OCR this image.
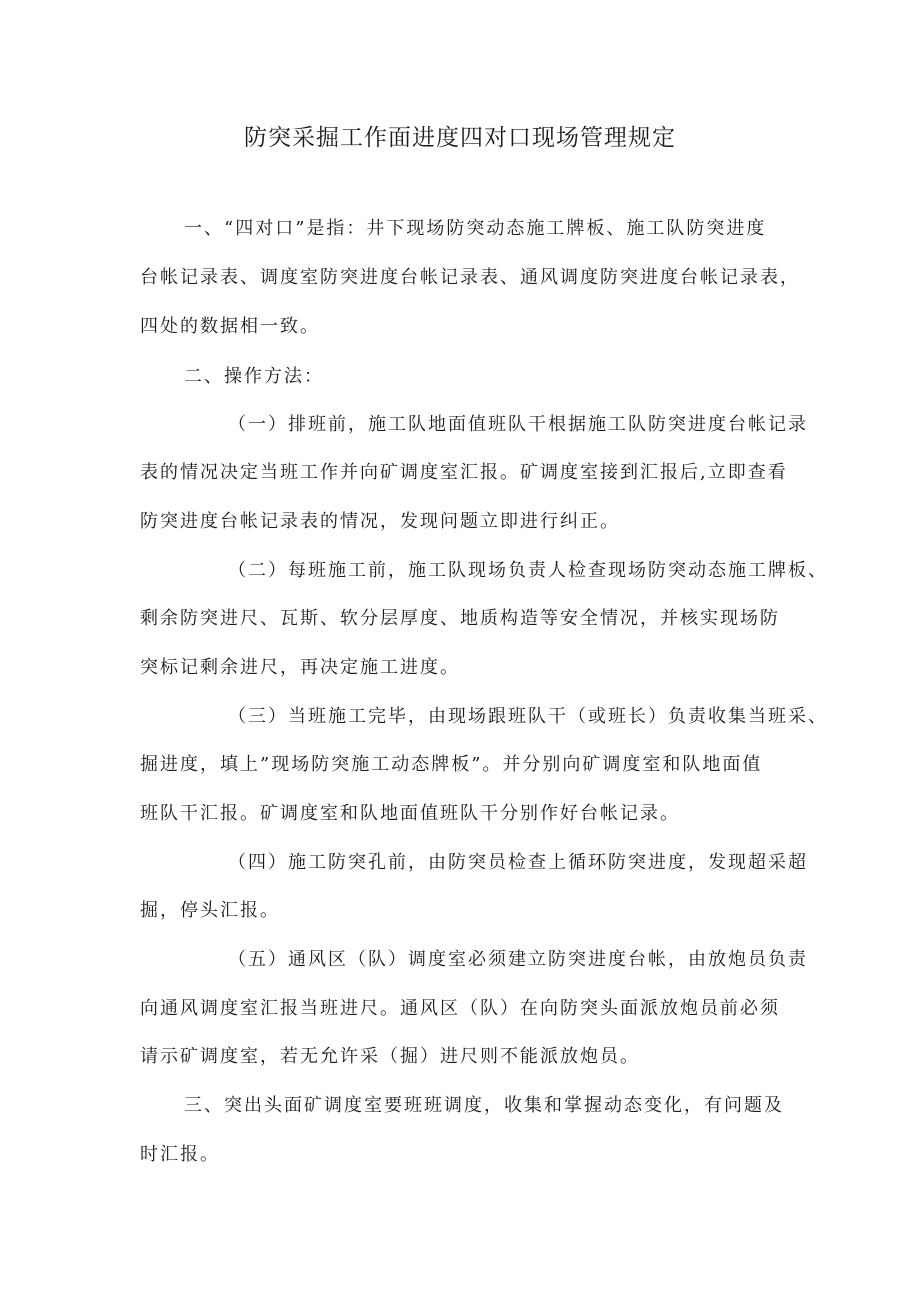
防突采掘工作面进度四对口现场管理规定
一、“四对口”是指：井下现场防突动态施工牌板、施工队防突进度
台帐记录表、调度室防突进度台帐记录表、通风调度防突进度台帐记录表，
四处的数据相一致。
二、操作方法：
（一）排班前，施工队地面值班队干根据施工队防突进度台帐记录
表的情况决定当班工作并向矿调度室汇报。矿调度室接到汇报后,立即查看
防突进度台帐记录表的情况，发现问题立即进行纠正。
（二）每班施工前，施工队现场负责人检查现场防突动态施工牌板、
剩余防突进尺、瓦斯、软分层厚度、地质构造等安全情况，并核实现场防
突标记剩余进尺，再决定施工进度。
（三）当班施工完毕，由现场跟班队干（或班长）负责收集当班采、
掘进度，填上”现场防突施工动态牌板”。并分别向矿调度室和队地面值
班队干汇报。矿调度室和队地面值班队干分别作好台帐记录。
（四）施工防突孔前，由防突员检查上循环防突进度，发现超采超
掘，停头汇报。
（五）通风区（队）调度室必须建立防突进度台帐，由放炮员负责
向通风调度室汇报当班进尺。通风区（队）在向防突头面派放炮员前必须
请示矿调度室，若无允许采（掘）进尺则不能派放炮员。
三、突出头面矿调度室要班班调度，收集和掌握动态变化，有问题及
时汇报。
